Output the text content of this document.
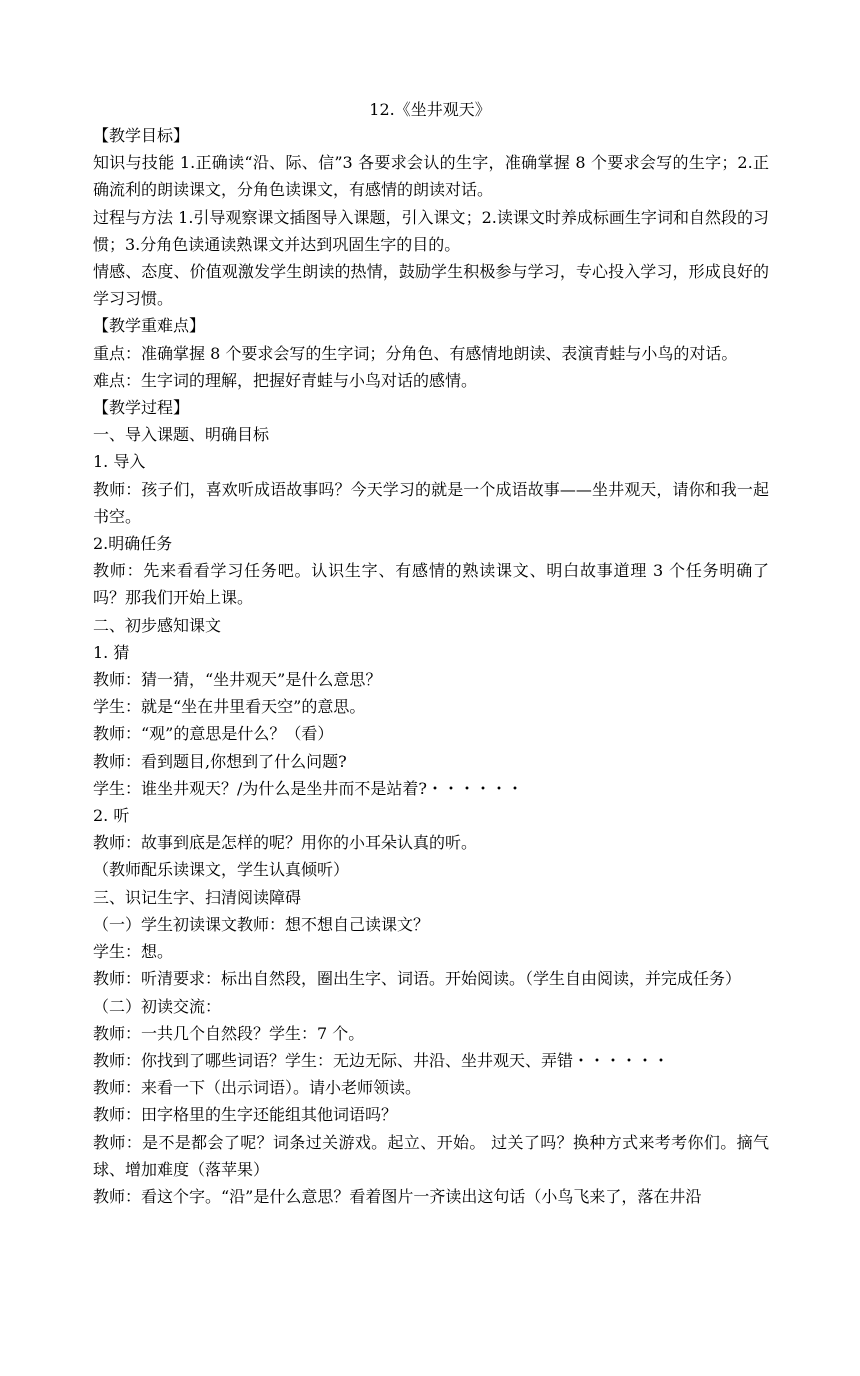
12.《坐井观天》

【教学目标】

知识与技能 1.正确读“沿、际、信”3 各要求会认的生字，准确掌握 8 个要求会写的生字；2.正确流利的朗读课文，分角色读课文，有感情的朗读对话。

过程与方法 1.引导观察课文插图导入课题，引入课文；2.读课文时养成标画生字词和自然段的习惯；3.分角色读通读熟课文并达到巩固生字的目的。

情感、态度、价值观激发学生朗读的热情，鼓励学生积极参与学习，专心投入学习，形成良好的学习习惯。

【教学重难点】

重点：准确掌握 8 个要求会写的生字词；分角色、有感情地朗读、表演青蛙与小鸟的对话。

难点：生字词的理解，把握好青蛙与小鸟对话的感情。

【教学过程】

一、导入课题、明确目标

1. 导入

教师：孩子们，喜欢听成语故事吗？今天学习的就是一个成语故事——坐井观天，请你和我一起书空。

2.明确任务

教师：先来看看学习任务吧。认识生字、有感情的熟读课文、明白故事道理 3 个任务明确了吗？那我们开始上课。

二、初步感知课文

1. 猜

教师：猜一猜，“坐井观天”是什么意思？

学生：就是“坐在井里看天空”的意思。

教师：“观”的意思是什么？（看）

教师：看到题目,你想到了什么问题?

学生：谁坐井观天？/为什么是坐井而不是站着?・・・・・・

2. 听

教师：故事到底是怎样的呢？用你的小耳朵认真的听。

（教师配乐读课文，学生认真倾听）

三、识记生字、扫清阅读障碍

（一）学生初读课文教师：想不想自己读课文？

学生：想。

教师：听清要求：标出自然段，圈出生字、词语。开始阅读。（学生自由阅读，并完成任务）

（二）初读交流：

教师：一共几个自然段？学生：7 个。

教师：你找到了哪些词语？学生：无边无际、井沿、坐井观天、弄错・・・・・・

教师：来看一下（出示词语）。请小老师领读。

教师：田字格里的生字还能组其他词语吗？

教师：是不是都会了呢？词条过关游戏。起立、开始。 过关了吗？换种方式来考考你们。摘气球、增加难度（落苹果）

教师：看这个字。“沿”是什么意思？看着图片一齐读出这句话（小鸟飞来了，落在井沿
